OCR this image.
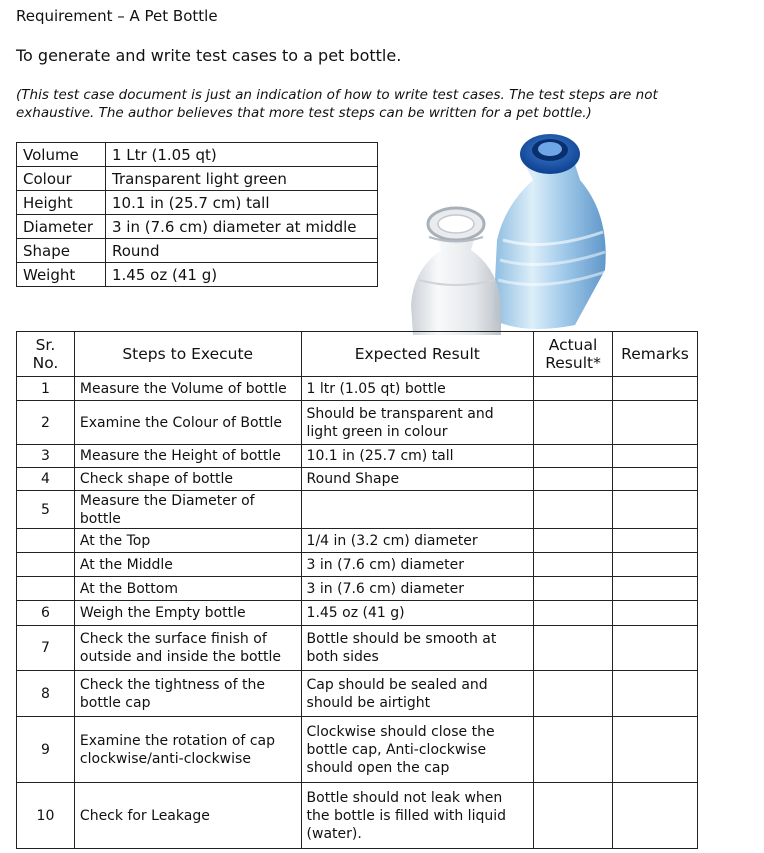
Requirement – A Pet Bottle
To generate and write test cases to a pet bottle.
(This test case document is just an indication of how to write test cases. The test steps are not exhaustive. The author believes that more test steps can be written for a pet bottle.)
Volume	1 Ltr (1.05 qt)
Colour	Transparent light green
Height	10.1 in (25.7 cm) tall
Diameter	3 in (7.6 cm) diameter at middle
Shape	Round
Weight	1.45 oz (41 g)
Sr. No.	Steps to Execute	Expected Result	Actual Result*	Remarks
1	Measure the Volume of bottle	1 ltr (1.05 qt) bottle		
2	Examine the Colour of Bottle	Should be transparent and light green in colour		
3	Measure the Height of bottle	10.1 in (25.7 cm) tall		
4	Check shape of bottle	Round Shape		
5	Measure the Diameter of bottle			
	At the Top	1/4 in (3.2 cm) diameter		
	At the Middle	3 in (7.6 cm) diameter		
	At the Bottom	3 in (7.6 cm) diameter		
6	Weigh the Empty bottle	1.45 oz (41 g)		
7	Check the surface finish of outside and inside the bottle	Bottle should be smooth at both sides		
8	Check the tightness of the bottle cap	Cap should be sealed and should be airtight		
9	Examine the rotation of cap clockwise/anti-clockwise	Clockwise should close the bottle cap, Anti-clockwise should open the cap		
10	Check for Leakage	Bottle should not leak when the bottle is filled with liquid (water).		
